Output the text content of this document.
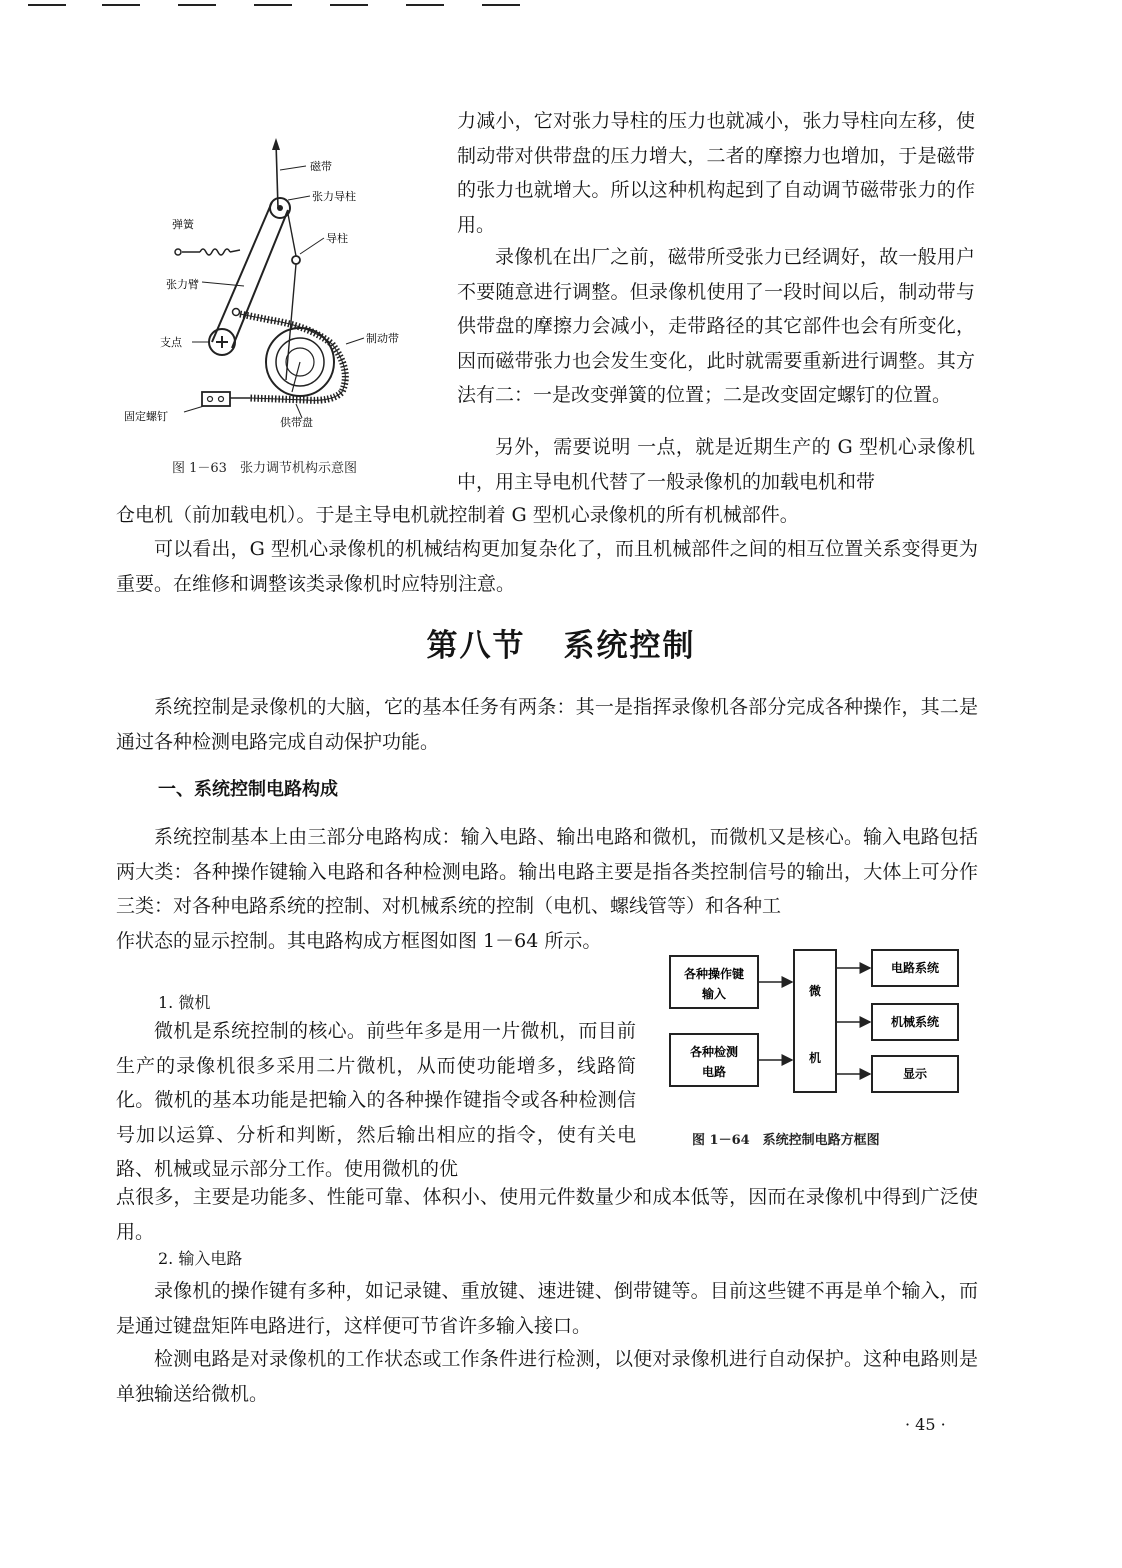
磁带
张力导柱
弹簧
导柱
张力臂
支点	制动带
固定螺钉	供带盘
图 1－63　张力调节机构示意图

力减小，它对张力导柱的压力也就减小，张力导柱向左移，使制动带对供带盘的压力增大，二者的摩擦力也增加，于是磁带的张力也就增大。所以这种机构起到了自动调节磁带张力的作用。

录像机在出厂之前，磁带所受张力已经调好，故一般用户不要随意进行调整。但录像机使用了一段时间以后，制动带与供带盘的摩擦力会减小，走带路径的其它部件也会有所变化，因而磁带张力也会发生变化，此时就需要重新进行调整。其方法有二：一是改变弹簧的位置；二是改变固定螺钉的位置。

另外，需要说明 一点，就是近期生产的 G 型机心录像机中，用主导电机代替了一般录像机的加载电机和带

仓电机（前加载电机）。于是主导电机就控制着 G 型机心录像机的所有机械部件。

可以看出，G 型机心录像机的机械结构更加复杂化了，而且机械部件之间的相互位置关系变得更为重要。在维修和调整该类录像机时应特别注意。

第八节 系统控制

系统控制是录像机的大脑，它的基本任务有两条：其一是指挥录像机各部分完成各种操作，其二是通过各种检测电路完成自动保护功能。

一、系统控制电路构成

系统控制基本上由三部分电路构成：输入电路、输出电路和微机，而微机又是核心。输入电路包括两大类：各种操作键输入电路和各种检测电路。输出电路主要是指各类控制信号的输出，大体上可分作三类：对各种电路系统的控制、对机械系统的控制（电机、螺线管等）和各种工

作状态的显示控制。其电路构成方框图如图 1－64 所示。

1. 微机

微机是系统控制的核心。前些年多是用一片微机，而目前生产的录像机很多采用二片微机，从而使功能增多，线路简化。微机的基本功能是把输入的各种操作键指令或各种检测信号加以运算、分析和判断，然后输出相应的指令，使有关电路、机械或显示部分工作。使用微机的优

点很多，主要是功能多、性能可靠、体积小、使用元件数量少和成本低等，因而在录像机中得到广泛使用。

2. 输入电路

录像机的操作键有多种，如记录键、重放键、速进键、倒带键等。目前这些键不再是单个输入，而是通过键盘矩阵电路进行，这样便可节省许多输入接口。

检测电路是对录像机的工作状态或工作条件进行检测，以便对录像机进行自动保护。这种电路则是单独输送给微机。

各种操作键
输入
各种检测
电路
微
机
电路系统
机械系统
显示
图 1－64　系统控制电路方框图
· 45 ·
